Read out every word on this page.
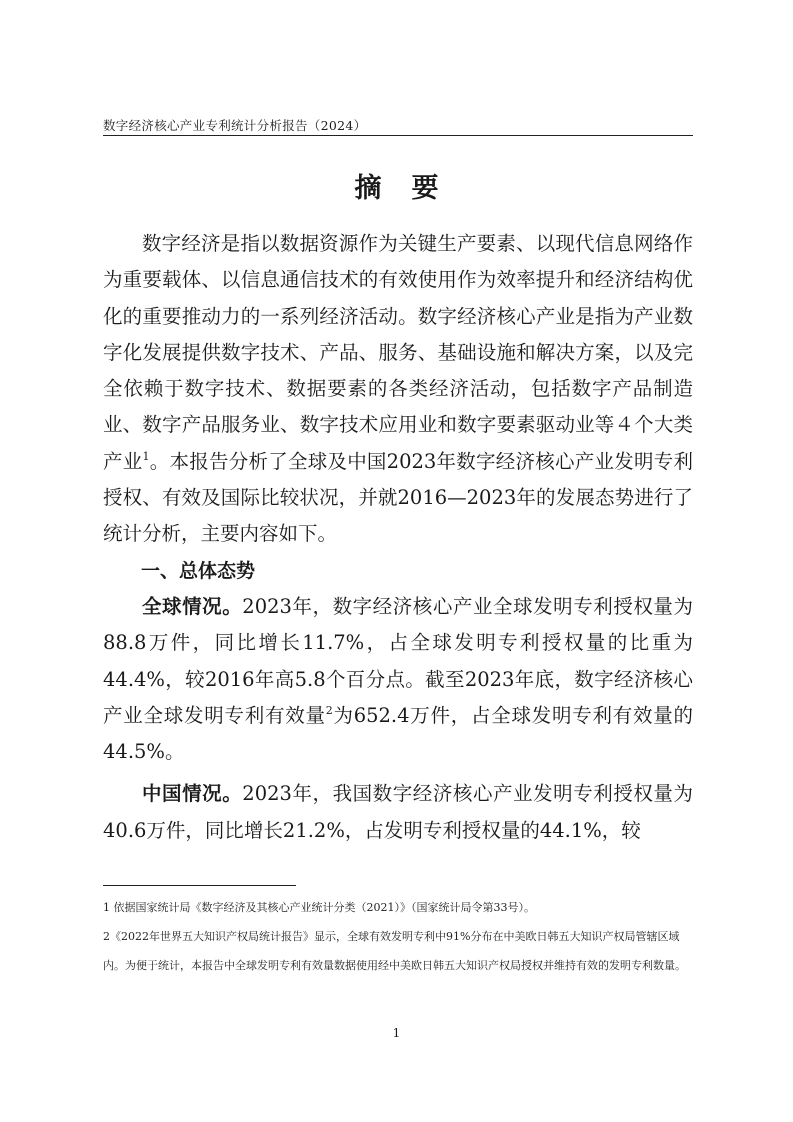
数字经济核心产业专利统计分析报告（2024）
摘要

数字经济是指以数据资源作为关键生产要素、以现代信息网络作为重要载体、以信息通信技术的有效使用作为效率提升和经济结构优化的重要推动力的一系列经济活动。数字经济核心产业是指为产业数字化发展提供数字技术、产品、服务、基础设施和解决方案，以及完全依赖于数字技术、数据要素的各类经济活动，包括数字产品制造业、数字产品服务业、数字技术应用业和数字要素驱动业等４个大类产业$^1$。本报告分析了全球及中国2023年数字经济核心产业发明专利授权、有效及国际比较状况，并就2016—2023年的发展态势进行了统计分析，主要内容如下。

一、总体态势

全球情况。2023年，数字经济核心产业全球发明专利授权量为88.8万件，同比增长11.7%，占全球发明专利授权量的比重为44.4%，较2016年高5.8个百分点。截至2023年底，数字经济核心产业全球发明专利有效量$^2$为652.4万件，占全球发明专利有效量的44.5%。

中国情况。2023年，我国数字经济核心产业发明专利授权量为40.6万件，同比增长21.2%，占发明专利授权量的44.1%，较

1 依据国家统计局《数字经济及其核心产业统计分类（2021）》（国家统计局令第33号）。

2《2022年世界五大知识产权局统计报告》显示，全球有效发明专利中91%分布在中美欧日韩五大知识产权局管辖区域内。为便于统计，本报告中全球发明专利有效量数据使用经中美欧日韩五大知识产权局授权并维持有效的发明专利数量。

1
